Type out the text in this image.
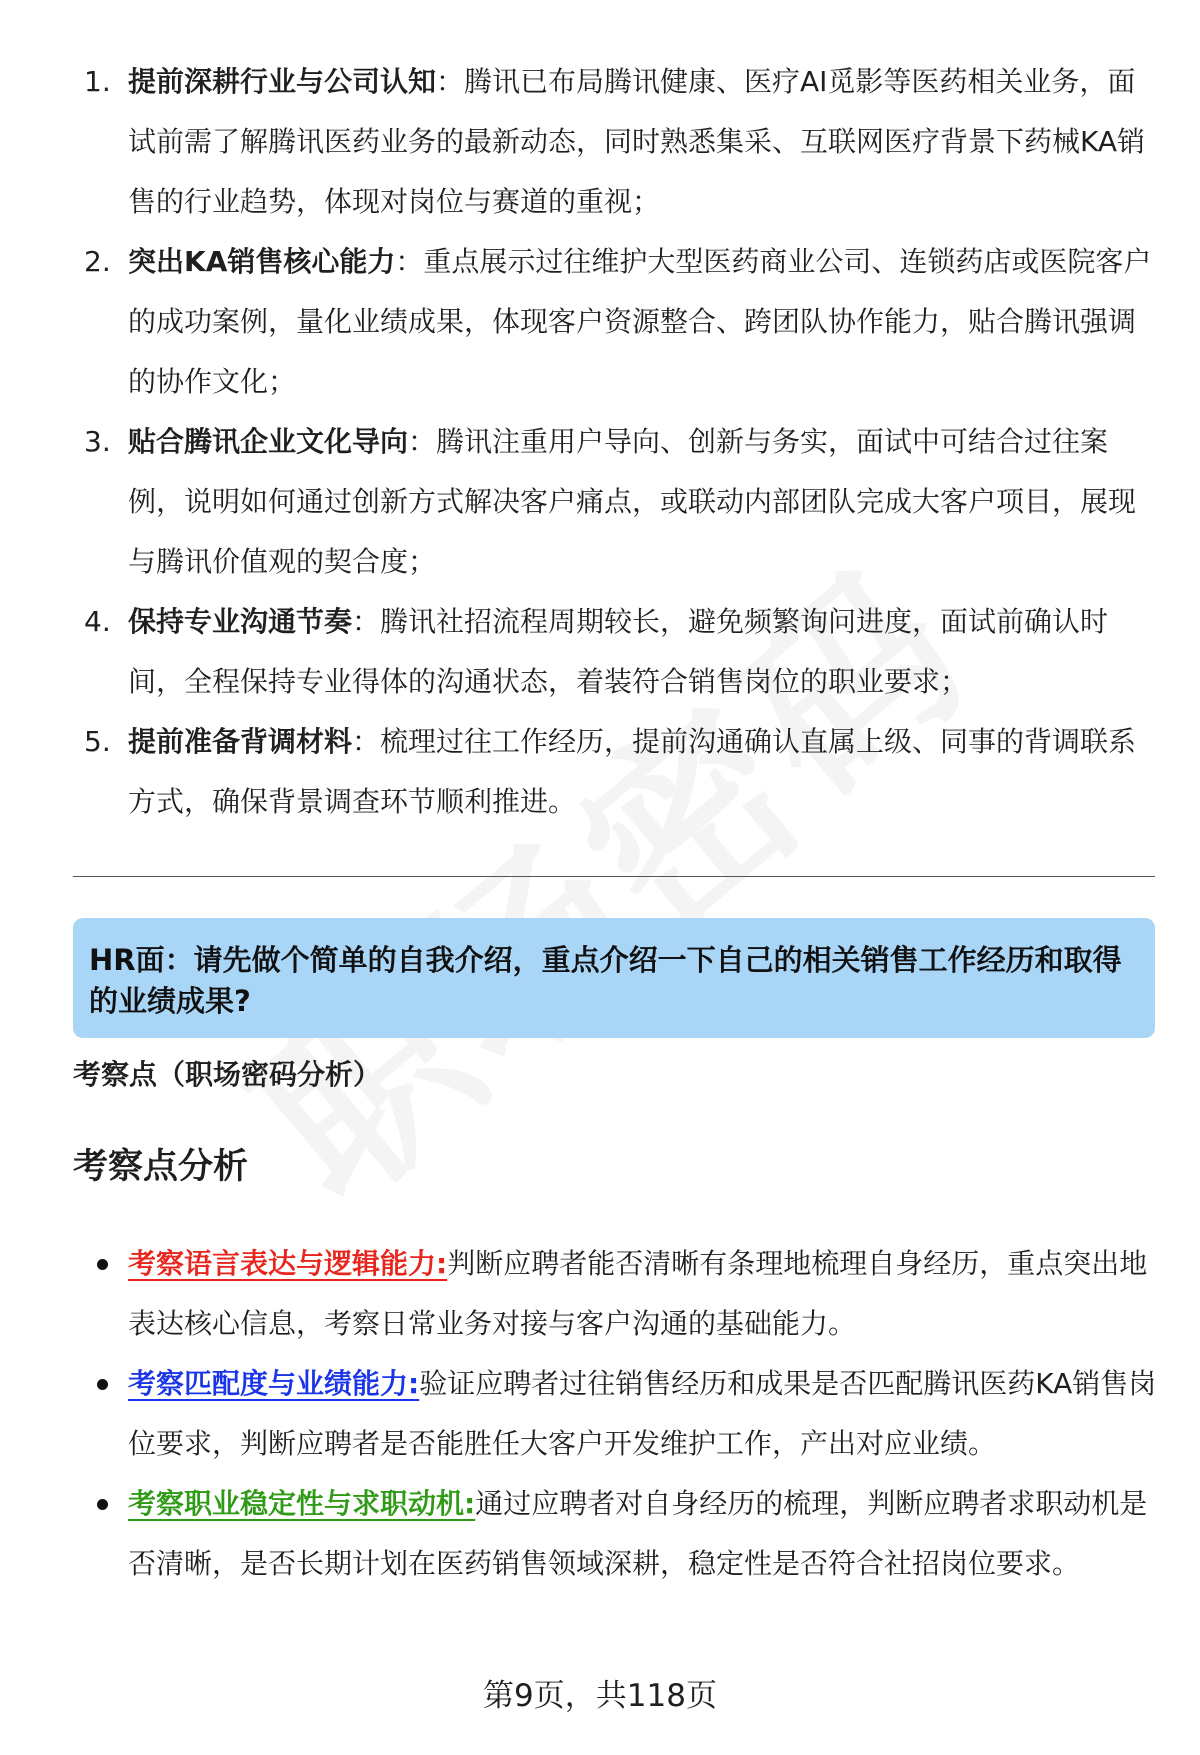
1. 提前深耕行业与公司认知：腾讯已布局腾讯健康、医疗AI觅影等医药相关业务，面试前需了解腾讯医药业务的最新动态，同时熟悉集采、互联网医疗背景下药械KA销售的行业趋势，体现对岗位与赛道的重视；
2. 突出KA销售核心能力：重点展示过往维护大型医药商业公司、连锁药店或医院客户的成功案例，量化业绩成果，体现客户资源整合、跨团队协作能力，贴合腾讯强调的协作文化；
3. 贴合腾讯企业文化导向：腾讯注重用户导向、创新与务实，面试中可结合过往案例，说明如何通过创新方式解决客户痛点，或联动内部团队完成大客户项目，展现与腾讯价值观的契合度；
4. 保持专业沟通节奏：腾讯社招流程周期较长，避免频繁询问进度，面试前确认时间，全程保持专业得体的沟通状态，着装符合销售岗位的职业要求；
5. 提前准备背调材料：梳理过往工作经历，提前沟通确认直属上级、同事的背调联系方式，确保背景调查环节顺利推进。
HR面：请先做个简单的自我介绍，重点介绍一下自己的相关销售工作经历和取得的业绩成果?
考察点（职场密码分析）
考察点分析
考察语言表达与逻辑能力:判断应聘者能否清晰有条理地梳理自身经历，重点突出地表达核心信息，考察日常业务对接与客户沟通的基础能力。
考察匹配度与业绩能力:验证应聘者过往销售经历和成果是否匹配腾讯医药KA销售岗位要求，判断应聘者是否能胜任大客户开发维护工作，产出对应业绩。
考察职业稳定性与求职动机:通过应聘者对自身经历的梳理，判断应聘者求职动机是否清晰，是否长期计划在医药销售领域深耕，稳定性是否符合社招岗位要求。
第9页，共118页
